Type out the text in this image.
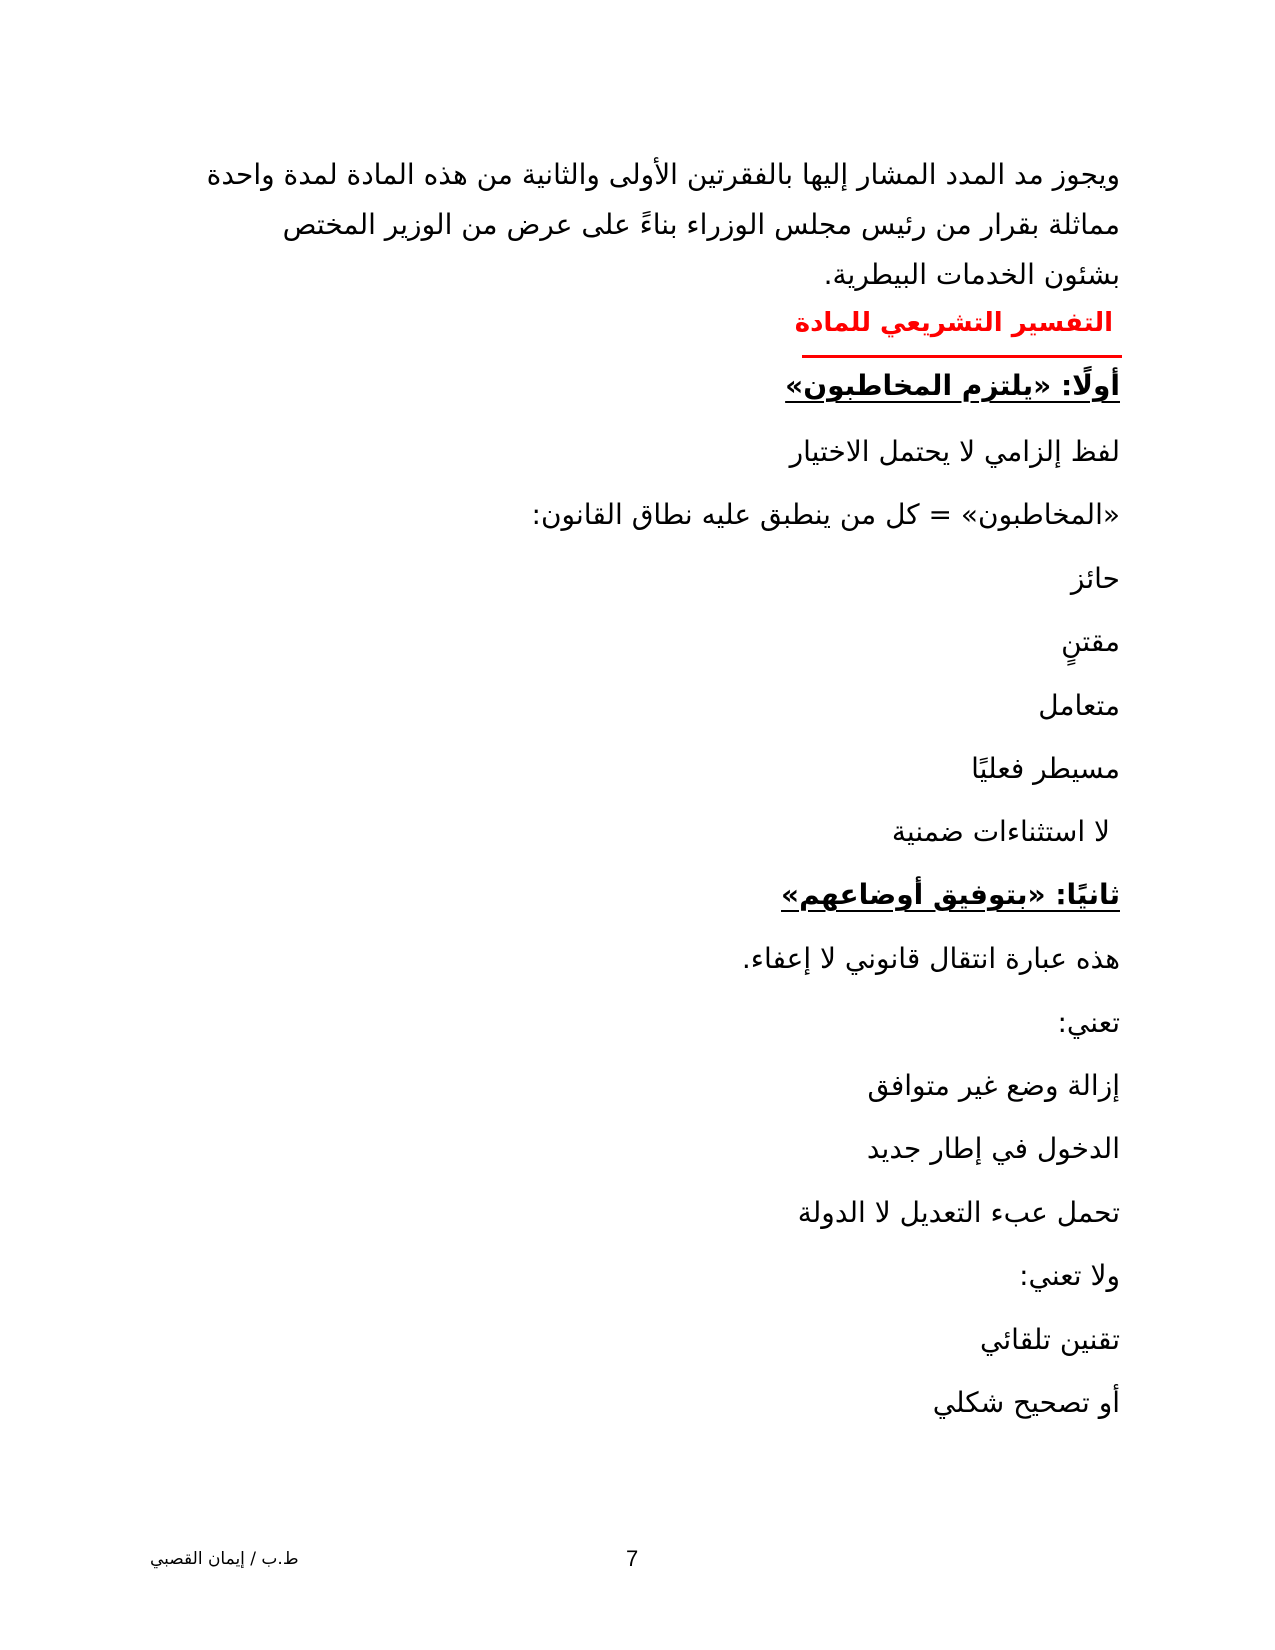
ويجوز مد المدد المشار إليها بالفقرتين الأولى والثانية من هذه المادة لمدة واحدة
مماثلة بقرار من رئيس مجلس الوزراء بناءً على عرض من الوزير المختص
بشئون الخدمات البيطرية.
التفسير التشريعي للمادة
أولًا: «يلتزم المخاطبون»
لفظ إلزامي لا يحتمل الاختيار
«المخاطبون» = كل من ينطبق عليه نطاق القانون:
حائز
مقتنٍ
متعامل
مسيطر فعليًا
لا استثناءات ضمنية
ثانيًا: «بتوفيق أوضاعهم»
هذه عبارة انتقال قانوني لا إعفاء.
تعني:
إزالة وضع غير متوافق
الدخول في إطار جديد
تحمل عبء التعديل لا الدولة
ولا تعني:
تقنين تلقائي
أو تصحيح شكلي
ط.ب / إيمان القصبي	7
